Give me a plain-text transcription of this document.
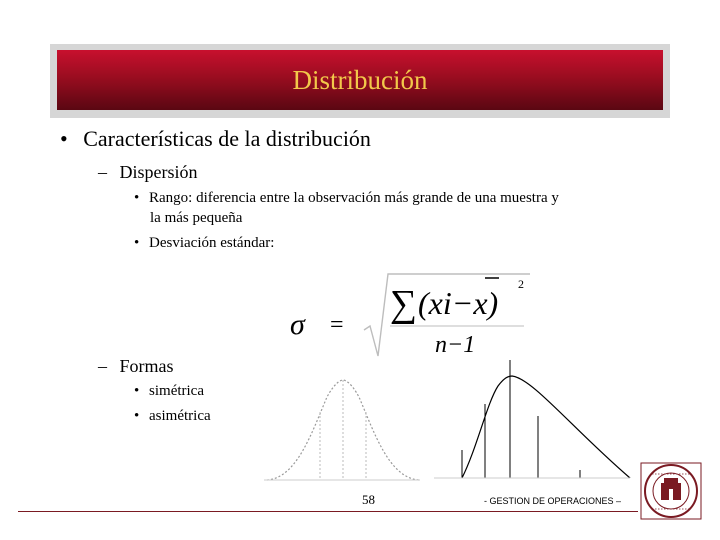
Distribución
• Características de la distribución
– Dispersión
• Rango: diferencia entre la observación más grande de una muestra y
la más pequeña
• Desviación estándar:
σ = ∑ (xi−x)
2
n−1
– Formas
• simétrica
• asimétrica
58	- GESTION DE OPERACIONES –
